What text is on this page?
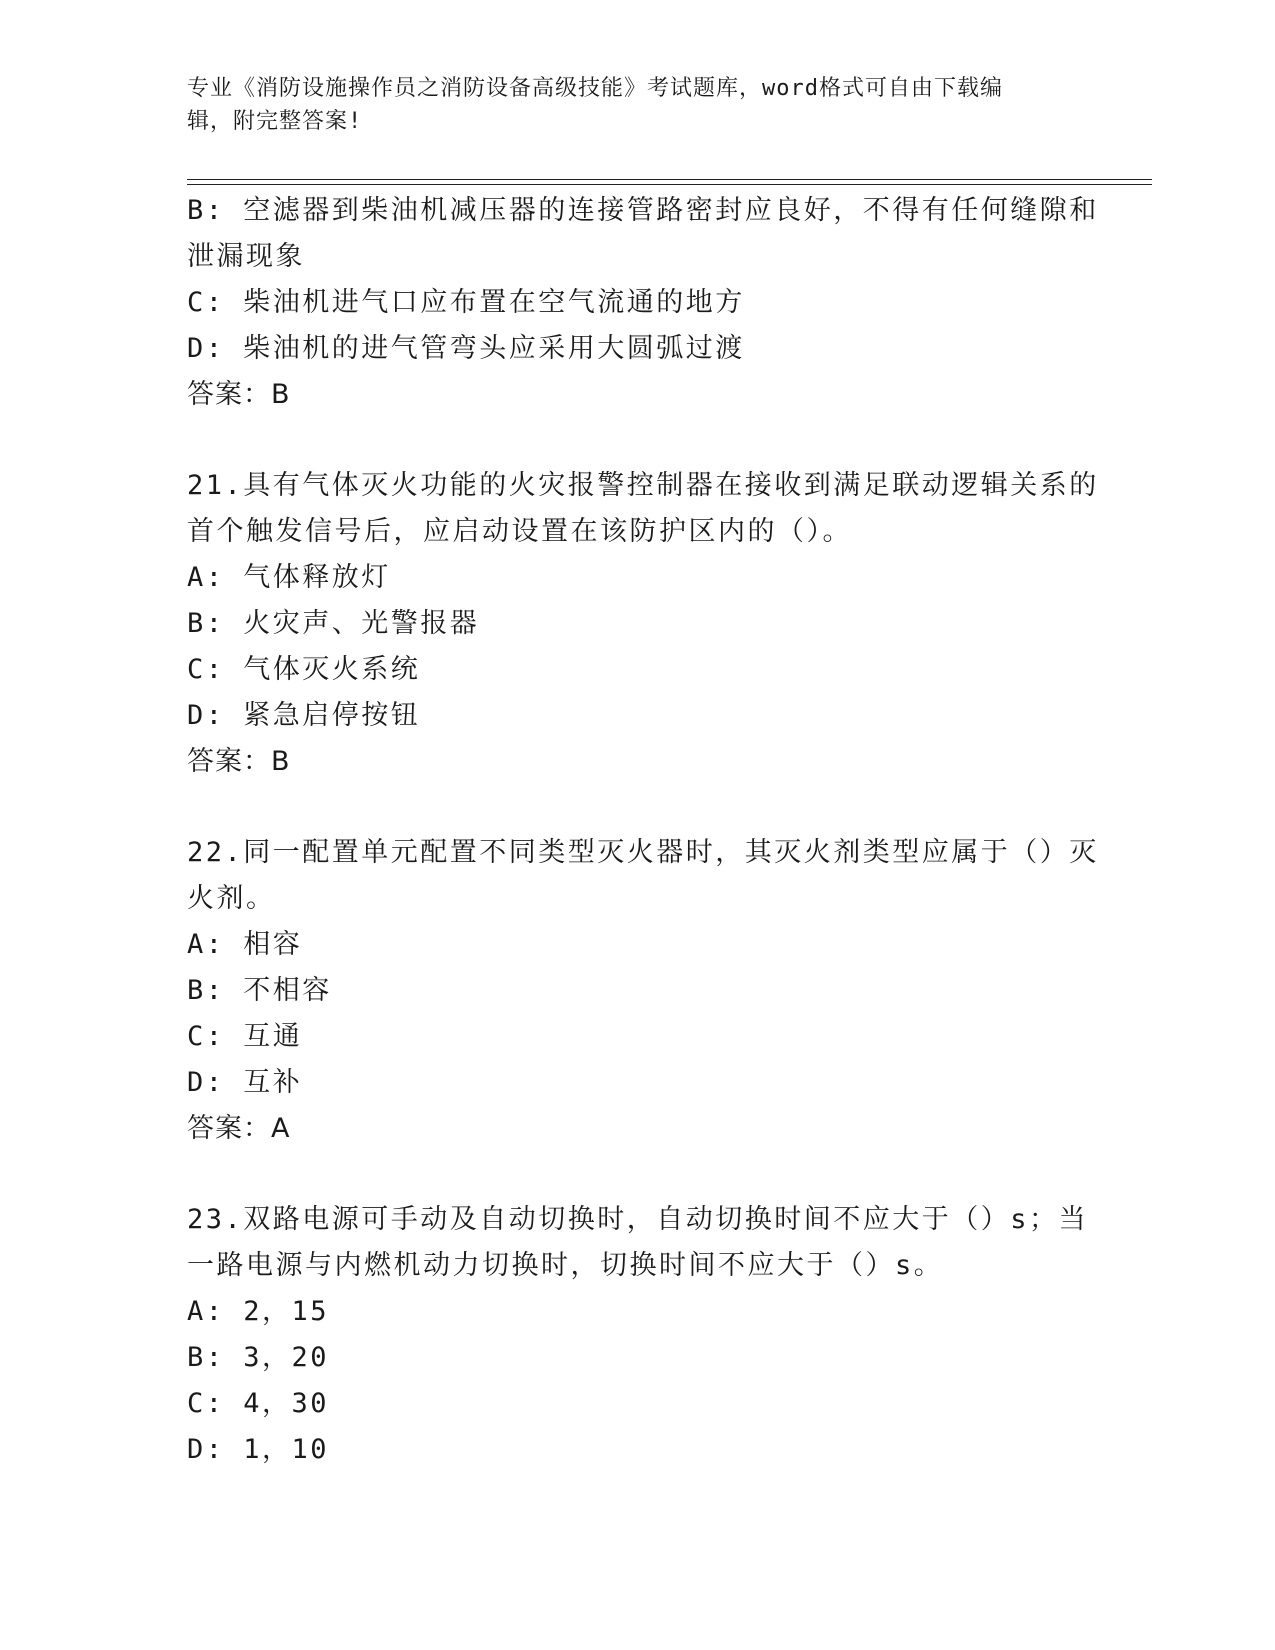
专业《消防设施操作员之消防设备高级技能》考试题库，word格式可自由下载编
辑，附完整答案!
B: 空滤器到柴油机减压器的连接管路密封应良好，不得有任何缝隙和
泄漏现象
C: 柴油机进气口应布置在空气流通的地方
D: 柴油机的进气管弯头应采用大圆弧过渡
答案：B
21.具有气体灭火功能的火灾报警控制器在接收到满足联动逻辑关系的
首个触发信号后，应启动设置在该防护区内的（）。
A: 气体释放灯
B: 火灾声、光警报器
C: 气体灭火系统
D: 紧急启停按钮
答案：B
22.同一配置单元配置不同类型灭火器时，其灭火剂类型应属于（）灭
火剂。
A: 相容
B: 不相容
C: 互通
D: 互补
答案：A
23.双路电源可手动及自动切换时，自动切换时间不应大于（）s；当
一路电源与内燃机动力切换时，切换时间不应大于（）s。
A: 2，15
B: 3，20
C: 4，30
D: 1，10
